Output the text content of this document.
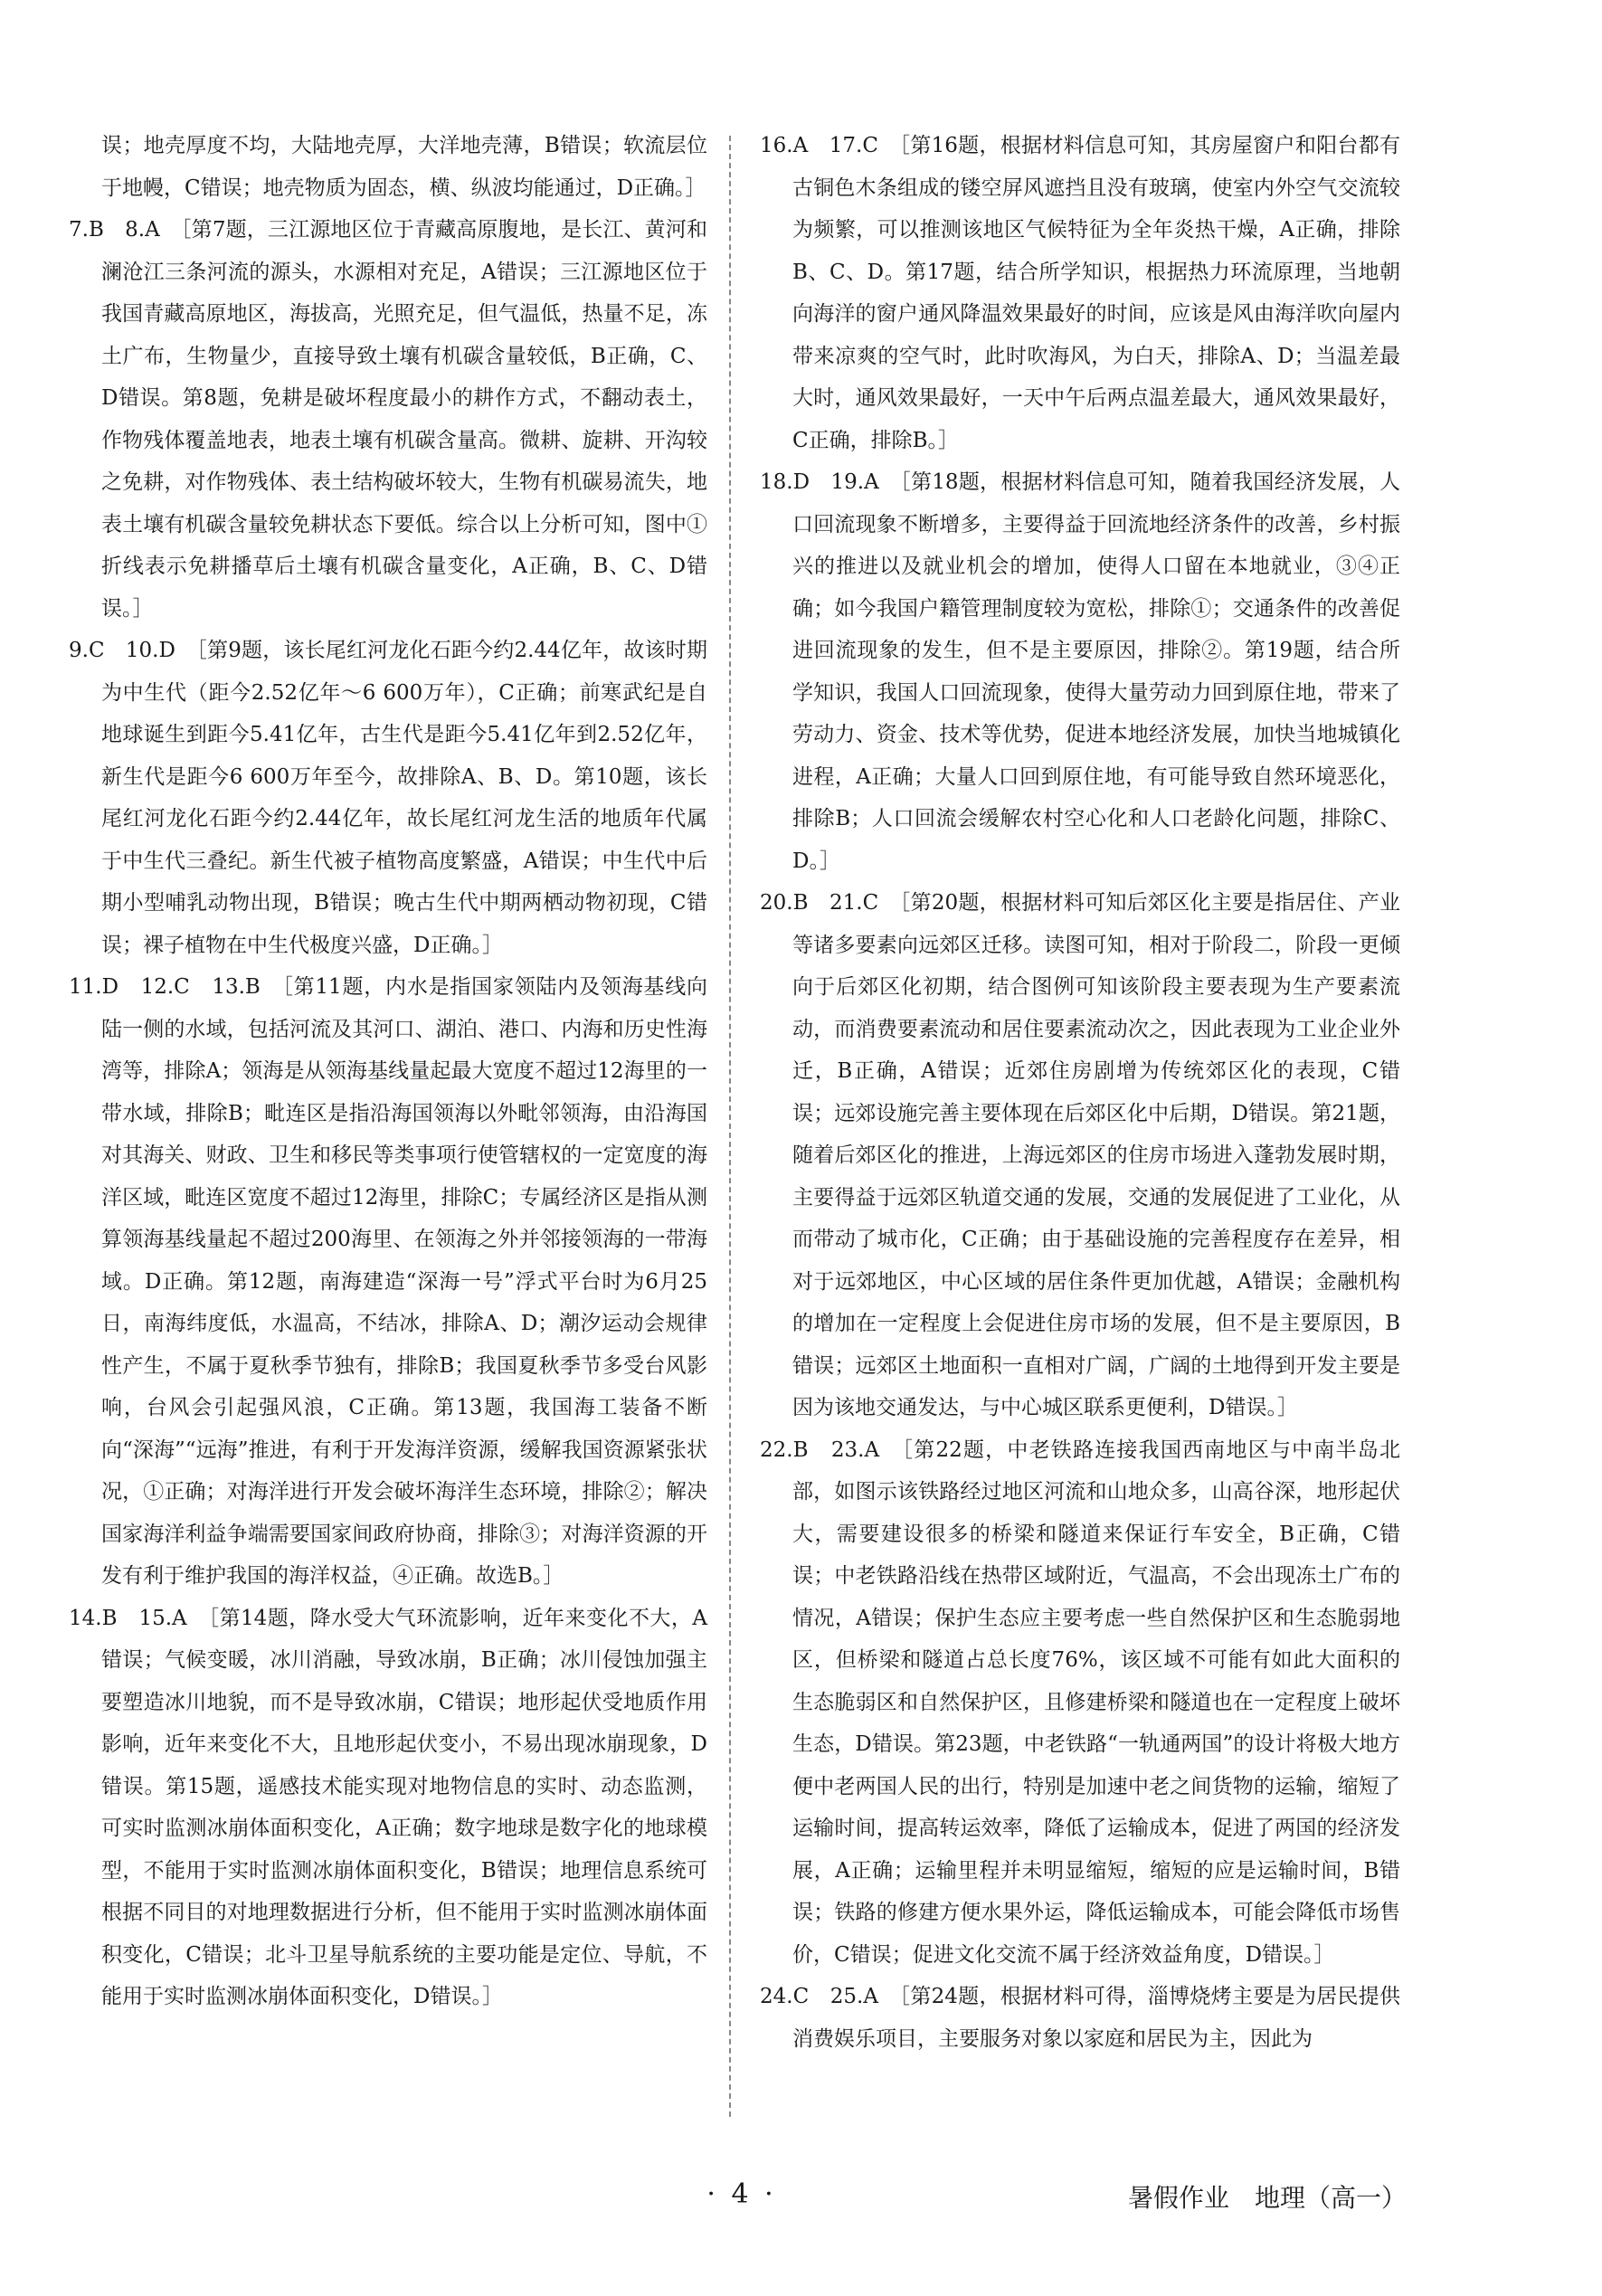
误；地壳厚度不均，大陆地壳厚，大洋地壳薄，B错误；软流层位于地幔，C错误；地壳物质为固态，横、纵波均能通过，D正确。］

7.B　8.A　［第7题，三江源地区位于青藏高原腹地，是长江、黄河和澜沧江三条河流的源头，水源相对充足，A错误；三江源地区位于我国青藏高原地区，海拔高，光照充足，但气温低，热量不足，冻土广布，生物量少，直接导致土壤有机碳含量较低，B正确，C、D错误。第8题，免耕是破坏程度最小的耕作方式，不翻动表土，作物残体覆盖地表，地表土壤有机碳含量高。微耕、旋耕、开沟较之免耕，对作物残体、表土结构破坏较大，生物有机碳易流失，地表土壤有机碳含量较免耕状态下要低。综合以上分析可知，图中①折线表示免耕播草后土壤有机碳含量变化，A正确，B、C、D错误。］

9.C　10.D　［第9题，该长尾红河龙化石距今约2.44亿年，故该时期为中生代（距今2.52亿年～6 600万年），C正确；前寒武纪是自地球诞生到距今5.41亿年，古生代是距今5.41亿年到2.52亿年，新生代是距今6 600万年至今，故排除A、B、D。第10题，该长尾红河龙化石距今约2.44亿年，故长尾红河龙生活的地质年代属于中生代三叠纪。新生代被子植物高度繁盛，A错误；中生代中后期小型哺乳动物出现，B错误；晚古生代中期两栖动物初现，C错误；裸子植物在中生代极度兴盛，D正确。］

11.D　12.C　13.B　［第11题，内水是指国家领陆内及领海基线向陆一侧的水域，包括河流及其河口、湖泊、港口、内海和历史性海湾等，排除A；领海是从领海基线量起最大宽度不超过12海里的一带水域，排除B；毗连区是指沿海国领海以外毗邻领海，由沿海国对其海关、财政、卫生和移民等类事项行使管辖权的一定宽度的海洋区域，毗连区宽度不超过12海里，排除C；专属经济区是指从测算领海基线量起不超过200海里、在领海之外并邻接领海的一带海域。D正确。第12题，南海建造“深海一号”浮式平台时为6月25日，南海纬度低，水温高，不结冰，排除A、D；潮汐运动会规律性产生，不属于夏秋季节独有，排除B；我国夏秋季节多受台风影响，台风会引起强风浪，C正确。第13题，我国海工装备不断向“深海”“远海”推进，有利于开发海洋资源，缓解我国资源紧张状况，①正确；对海洋进行开发会破坏海洋生态环境，排除②；解决国家海洋利益争端需要国家间政府协商，排除③；对海洋资源的开发有利于维护我国的海洋权益，④正确。故选B。］

14.B　15.A　［第14题，降水受大气环流影响，近年来变化不大，A错误；气候变暖，冰川消融，导致冰崩，B正确；冰川侵蚀加强主要塑造冰川地貌，而不是导致冰崩，C错误；地形起伏受地质作用影响，近年来变化不大，且地形起伏变小，不易出现冰崩现象，D错误。第15题，遥感技术能实现对地物信息的实时、动态监测，可实时监测冰崩体面积变化，A正确；数字地球是数字化的地球模型，不能用于实时监测冰崩体面积变化，B错误；地理信息系统可根据不同目的对地理数据进行分析，但不能用于实时监测冰崩体面积变化，C错误；北斗卫星导航系统的主要功能是定位、导航，不能用于实时监测冰崩体面积变化，D错误。］

16.A　17.C　［第16题，根据材料信息可知，其房屋窗户和阳台都有古铜色木条组成的镂空屏风遮挡且没有玻璃，使室内外空气交流较为频繁，可以推测该地区气候特征为全年炎热干燥，A正确，排除B、C、D。第17题，结合所学知识，根据热力环流原理，当地朝向海洋的窗户通风降温效果最好的时间，应该是风由海洋吹向屋内带来凉爽的空气时，此时吹海风，为白天，排除A、D；当温差最大时，通风效果最好，一天中午后两点温差最大，通风效果最好，C正确，排除B。］

18.D　19.A　［第18题，根据材料信息可知，随着我国经济发展，人口回流现象不断增多，主要得益于回流地经济条件的改善，乡村振兴的推进以及就业机会的增加，使得人口留在本地就业，③④正确；如今我国户籍管理制度较为宽松，排除①；交通条件的改善促进回流现象的发生，但不是主要原因，排除②。第19题，结合所学知识，我国人口回流现象，使得大量劳动力回到原住地，带来了劳动力、资金、技术等优势，促进本地经济发展，加快当地城镇化进程，A正确；大量人口回到原住地，有可能导致自然环境恶化，排除B；人口回流会缓解农村空心化和人口老龄化问题，排除C、D。］

20.B　21.C　［第20题，根据材料可知后郊区化主要是指居住、产业等诸多要素向远郊区迁移。读图可知，相对于阶段二，阶段一更倾向于后郊区化初期，结合图例可知该阶段主要表现为生产要素流动，而消费要素流动和居住要素流动次之，因此表现为工业企业外迁，B正确，A错误；近郊住房剧增为传统郊区化的表现，C错误；远郊设施完善主要体现在后郊区化中后期，D错误。第21题，随着后郊区化的推进，上海远郊区的住房市场进入蓬勃发展时期，主要得益于远郊区轨道交通的发展，交通的发展促进了工业化，从而带动了城市化，C正确；由于基础设施的完善程度存在差异，相对于远郊地区，中心区域的居住条件更加优越，A错误；金融机构的增加在一定程度上会促进住房市场的发展，但不是主要原因，B错误；远郊区土地面积一直相对广阔，广阔的土地得到开发主要是因为该地交通发达，与中心城区联系更便利，D错误。］

22.B　23.A　［第22题，中老铁路连接我国西南地区与中南半岛北部，如图示该铁路经过地区河流和山地众多，山高谷深，地形起伏大，需要建设很多的桥梁和隧道来保证行车安全，B正确，C错误；中老铁路沿线在热带区域附近，气温高，不会出现冻土广布的情况，A错误；保护生态应主要考虑一些自然保护区和生态脆弱地区，但桥梁和隧道占总长度76%，该区域不可能有如此大面积的生态脆弱区和自然保护区，且修建桥梁和隧道也在一定程度上破坏生态，D错误。第23题，中老铁路“一轨通两国”的设计将极大地方便中老两国人民的出行，特别是加速中老之间货物的运输，缩短了运输时间，提高转运效率，降低了运输成本，促进了两国的经济发展，A正确；运输里程并未明显缩短，缩短的应是运输时间，B错误；铁路的修建方便水果外运，降低运输成本，可能会降低市场售价，C错误；促进文化交流不属于经济效益角度，D错误。］

24.C　25.A　［第24题，根据材料可得，淄博烧烤主要是为居民提供消费娱乐项目，主要服务对象以家庭和居民为主，因此为

· 4 ·	暑假作业　地理（高一）
